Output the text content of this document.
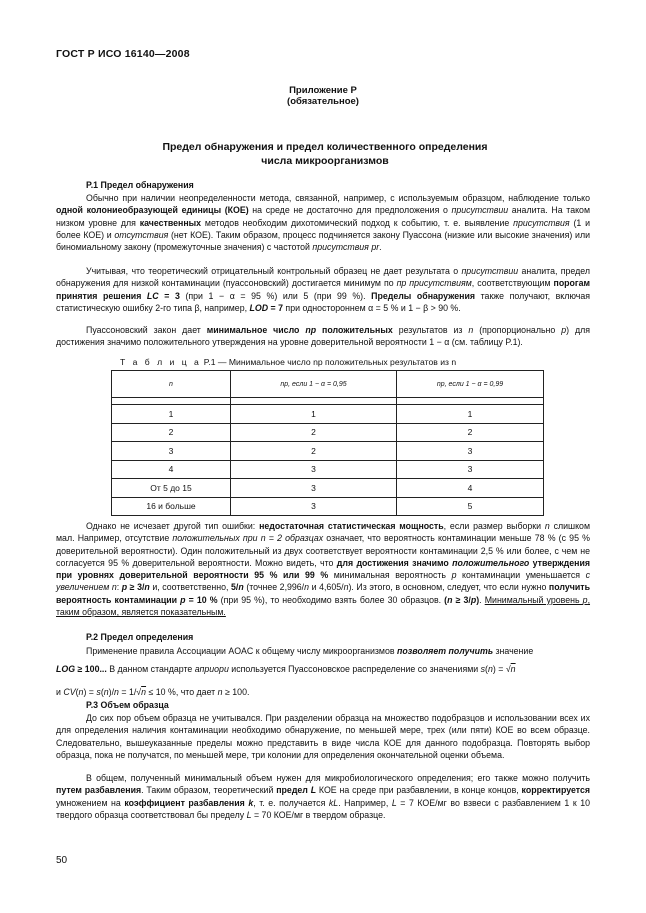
ГОСТ Р ИСО 16140—2008
Приложение Р
(обязательное)
Предел обнаружения и предел количественного определения
числа микроорганизмов
P.1 Предел обнаружения
Обычно при наличии неопределенности метода, связанной, например, с используемым образцом, наблюдение только одной колониеобразующей единицы (КОЕ) на среде не достаточно для предположения о присутствии аналита. На таком низком уровне для качественных методов необходим дихотомический подход к событию, т. е. выявление присутствия (1 и более КОЕ) и отсутствия (нет КОЕ). Таким образом, процесс подчиняется закону Пуассона (низкие или высокие значения) или биномиальному закону (промежуточные значения) с частотой присутствия pr.
Учитывая, что теоретический отрицательный контрольный образец не дает результата о присутствии аналита, предел обнаружения для низкой контаминации (пуассоновский) достигается минимум по пр присутствиям, соответствующим порогам принятия решения LC = 3 (при 1 − α = 95 %) или 5 (при 99 %). Пределы обнаружения также получают, включая статистическую ошибку 2-го типа β, например, LOD = 7 при одностороннем α = 5 % и 1 − β > 90 %.
Пуассоновский закон дает минимальное число np положительных результатов из n (пропорционально p) для достижения значимо положительного утверждения на уровне доверительной вероятности 1 − α (см. таблицу P.1).
Т а б л и ц а P.1 — Минимальное число np положительных результатов из n
n	np, если 1 − α = 0,95	np, если 1 − α = 0,99

1	1	1
2	2	2
3	2	3
4	3	3
От 5 до 15	3	4
16 и больше	3	5
Однако не исчезает другой тип ошибки: недостаточная статистическая мощность, если размер выборки n слишком мал. Например, отсутствие положительных при n = 2 образцах означает, что вероятность контаминации меньше 78 % (с 95 % доверительной вероятности). Один положительный из двух соответствует вероятности контаминации 2,5 % или более, с чем не согласуется 95 % доверительной вероятности. Можно видеть, что для достижения значимо положительного утверждения при уровнях доверительной вероятности 95 % или 99 % минимальная вероятность p контаминации уменьшается с увеличением n: p ≥ 3/n и, соответственно, 5/n (точнее 2,996/n и 4,605/n). Из этого, в основном, следует, что если нужно получить вероятность контаминации p = 10 % (при 95 %), то необходимо взять более 30 образцов. (n ≥ 3/p). Минимальный уровень p, таким образом, является показательным.
P.2 Предел определения
Применение правила Ассоциации AOAC к общему числу микроорганизмов позволяет получить значение
LOG ≥ 100... В данном стандарте априори используется Пуассоновское распределение со значениями s(n) = √n
и CV(n) = s(n)/n = 1/√n ≤ 10 %, что дает n ≥ 100.
P.3 Объем образца
До сих пор объем образца не учитывался. При разделении образца на множество подобразцов и использовании всех их для определения наличия контаминации необходимо обнаружение, по меньшей мере, трех (или пяти) КОЕ во всем образце. Следовательно, вышеуказанные пределы можно представить в виде числа КОЕ для данного подобразца. Повторять выбор образца, пока не получатся, по меньшей мере, три колонии для определения окончательной оценки объема.
В общем, полученный минимальный объем нужен для микробиологического определения; его также можно получить путем разбавления. Таким образом, теоретический предел L КОЕ на среде при разбавлении, в конце концов, корректируется умножением на коэффициент разбавления k, т. е. получается kL. Например, L = 7 КОЕ/мг во взвеси с разбавлением 1 к 10 твердого образца соответствовал бы пределу L = 70 КОЕ/мг в твердом образце.
50
